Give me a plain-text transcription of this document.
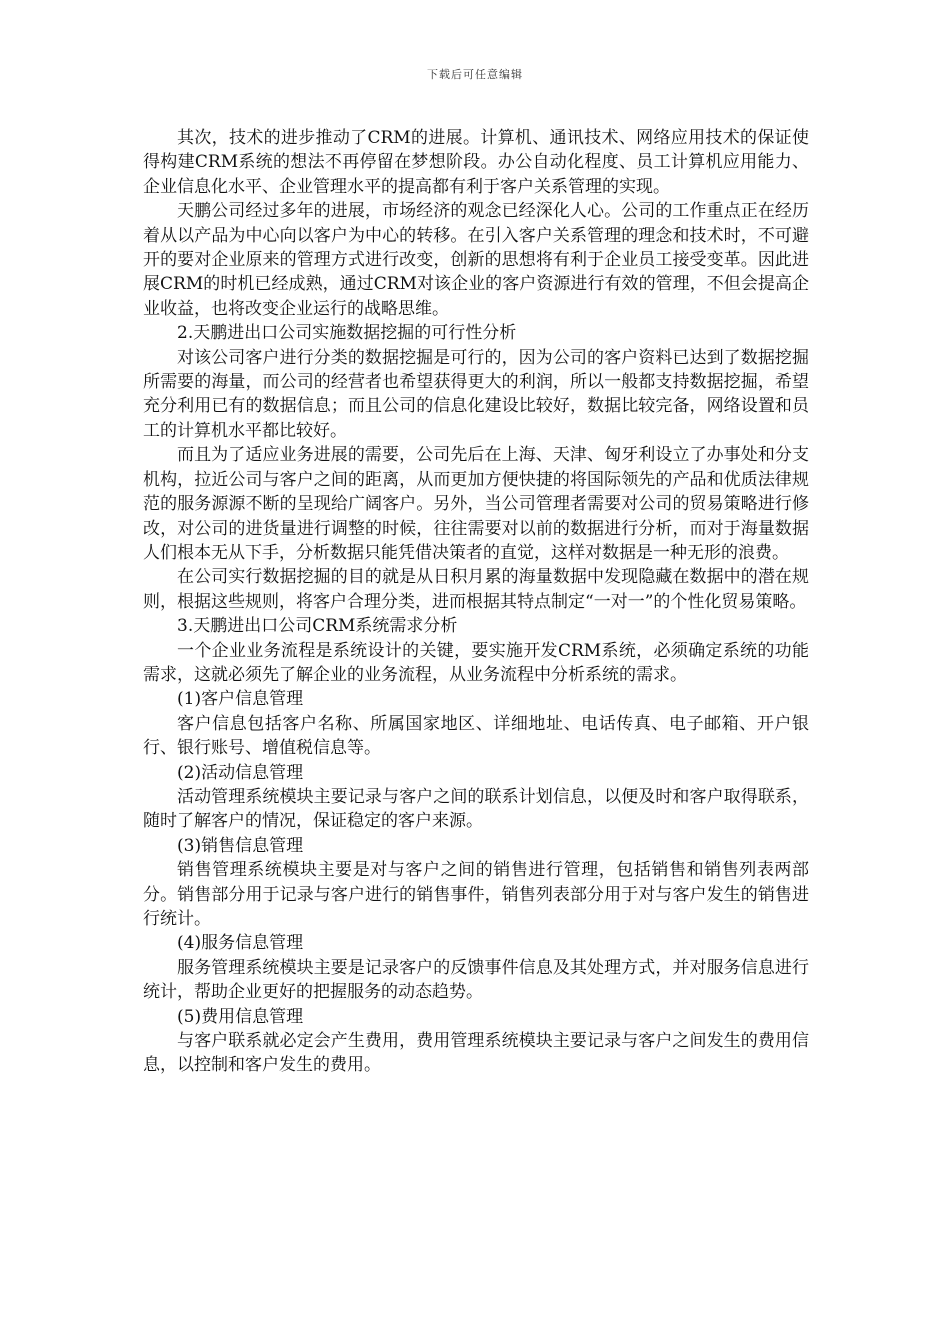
下载后可任意编辑

其次，技术的进步推动了CRM的进展。计算机、通讯技术、网络应用技术的保证使得构建CRM系统的想法不再停留在梦想阶段。办公自动化程度、员工计算机应用能力、企业信息化水平、企业管理水平的提高都有利于客户关系管理的实现。

天鹏公司经过多年的进展，市场经济的观念已经深化人心。公司的工作重点正在经历着从以产品为中心向以客户为中心的转移。在引入客户关系管理的理念和技术时，不可避开的要对企业原来的管理方式进行改变，创新的思想将有利于企业员工接受变革。因此进展CRM的时机已经成熟，通过CRM对该企业的客户资源进行有效的管理，不但会提高企业收益，也将改变企业运行的战略思维。

2.天鹏进出口公司实施数据挖掘的可行性分析

对该公司客户进行分类的数据挖掘是可行的，因为公司的客户资料已达到了数据挖掘所需要的海量，而公司的经营者也希望获得更大的利润，所以一般都支持数据挖掘，希望充分利用已有的数据信息；而且公司的信息化建设比较好，数据比较完备，网络设置和员工的计算机水平都比较好。

而且为了适应业务进展的需要，公司先后在上海、天津、匈牙利设立了办事处和分支机构，拉近公司与客户之间的距离，从而更加方便快捷的将国际领先的产品和优质法律规范的服务源源不断的呈现给广阔客户。另外，当公司管理者需要对公司的贸易策略进行修改，对公司的进货量进行调整的时候，往往需要对以前的数据进行分析，而对于海量数据人们根本无从下手，分析数据只能凭借决策者的直觉，这样对数据是一种无形的浪费。

在公司实行数据挖掘的目的就是从日积月累的海量数据中发现隐藏在数据中的潜在规则，根据这些规则，将客户合理分类，进而根据其特点制定“一对一”的个性化贸易策略。

3.天鹏进出口公司CRM系统需求分析

一个企业业务流程是系统设计的关键，要实施开发CRM系统，必须确定系统的功能需求，这就必须先了解企业的业务流程，从业务流程中分析系统的需求。

(1)客户信息管理

客户信息包括客户名称、所属国家地区、详细地址、电话传真、电子邮箱、开户银行、银行账号、增值税信息等。

(2)活动信息管理

活动管理系统模块主要记录与客户之间的联系计划信息，以便及时和客户取得联系，随时了解客户的情况，保证稳定的客户来源。

(3)销售信息管理

销售管理系统模块主要是对与客户之间的销售进行管理，包括销售和销售列表两部分。销售部分用于记录与客户进行的销售事件，销售列表部分用于对与客户发生的销售进行统计。

(4)服务信息管理

服务管理系统模块主要是记录客户的反馈事件信息及其处理方式，并对服务信息进行统计，帮助企业更好的把握服务的动态趋势。

(5)费用信息管理

与客户联系就必定会产生费用，费用管理系统模块主要记录与客户之间发生的费用信息，以控制和客户发生的费用。
